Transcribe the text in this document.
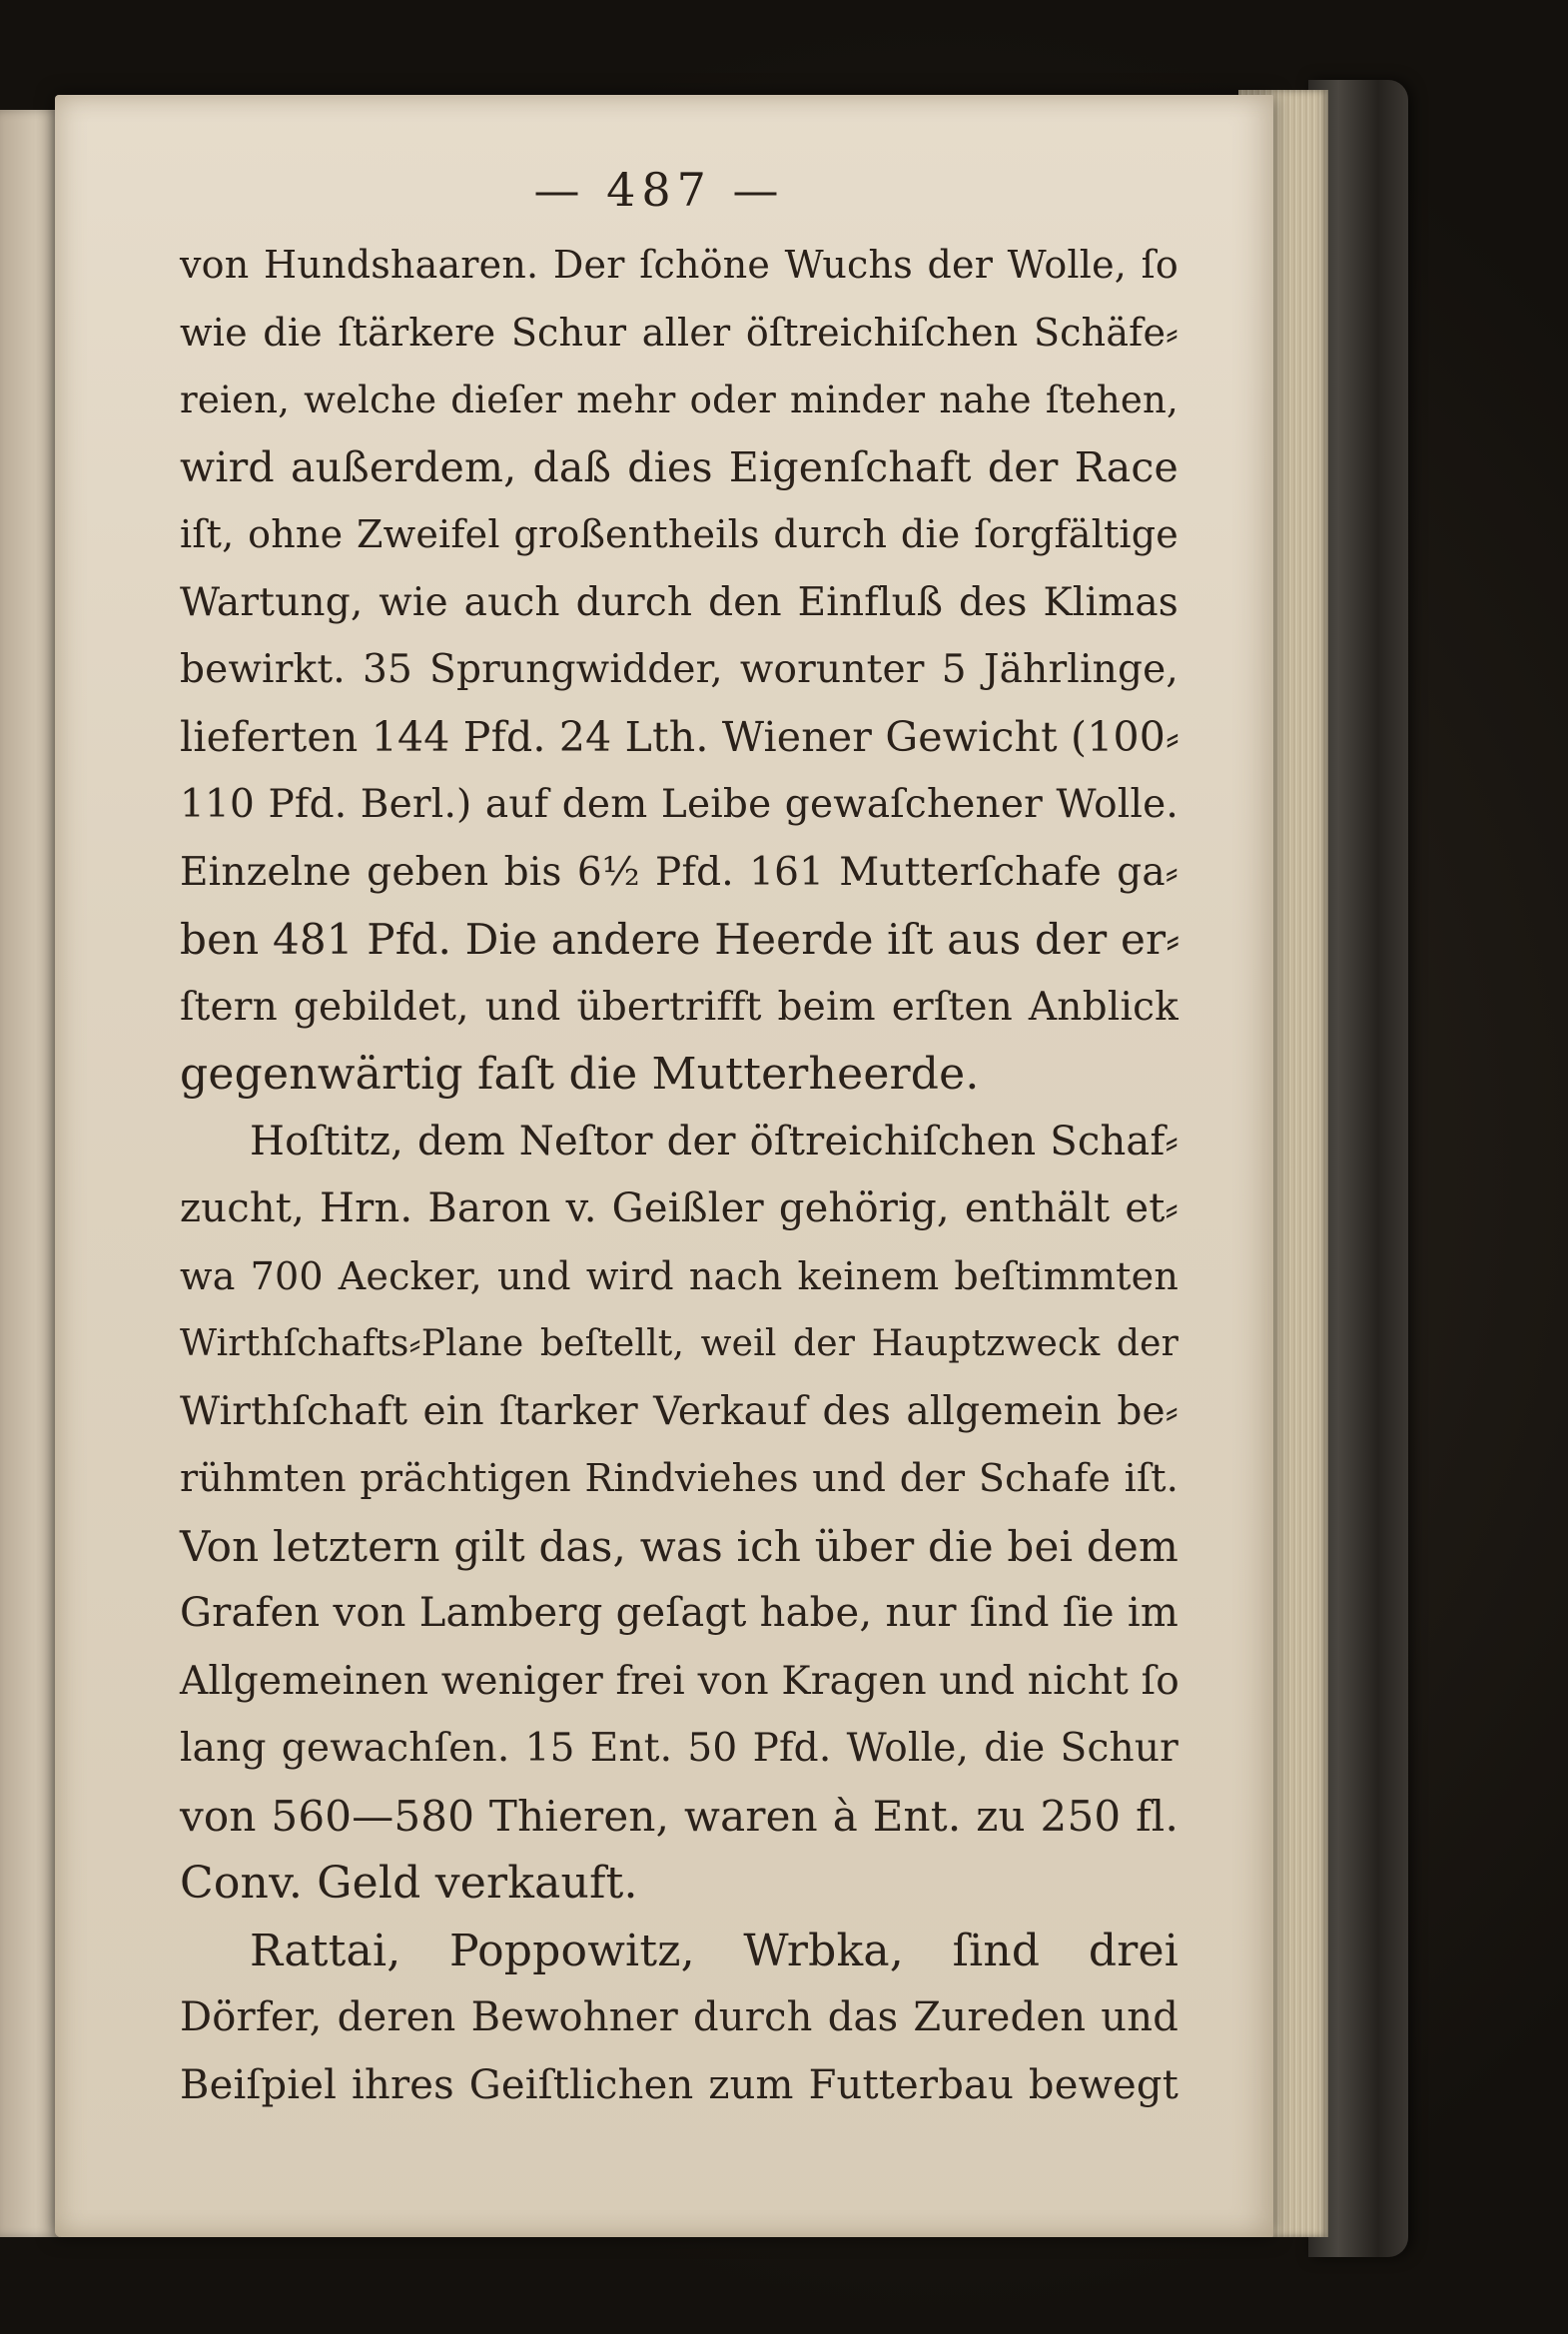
— 487 —
von Hundshaaren. Der ſchöne Wuchs der Wolle, ſo
wie die ſtärkere Schur aller öſtreichiſchen Schäfe⸗
reien, welche dieſer mehr oder minder nahe ſtehen,
wird außerdem, daß dies Eigenſchaft der Race
iſt, ohne Zweifel großentheils durch die ſorgfältige
Wartung, wie auch durch den Einfluß des Klimas
bewirkt. 35 Sprungwidder, worunter 5 Jährlinge,
lieferten 144 Pfd. 24 Lth. Wiener Gewicht (100⸗
110 Pfd. Berl.) auf dem Leibe gewaſchener Wolle.
Einzelne geben bis 6½ Pfd. 161 Mutterſchafe ga⸗
ben 481 Pfd. Die andere Heerde iſt aus der er⸗
ſtern gebildet, und übertrifft beim erſten Anblick
gegenwärtig faſt die Mutterheerde.
Hoſtitz, dem Neſtor der öſtreichiſchen Schaf⸗
zucht, Hrn. Baron v. Geißler gehörig, enthält et⸗
wa 700 Aecker, und wird nach keinem beſtimmten
Wirthſchafts⸗Plane beſtellt, weil der Hauptzweck der
Wirthſchaft ein ſtarker Verkauf des allgemein be⸗
rühmten prächtigen Rindviehes und der Schafe iſt.
Von letztern gilt das, was ich über die bei dem
Grafen von Lamberg geſagt habe, nur ſind ſie im
Allgemeinen weniger frei von Kragen und nicht ſo
lang gewachſen. 15 Ent. 50 Pfd. Wolle, die Schur
von 560—580 Thieren, waren à Ent. zu 250 fl.
Conv. Geld verkauft.
Rattai, Poppowitz, Wrbka, ſind drei
Dörfer, deren Bewohner durch das Zureden und
Beiſpiel ihres Geiſtlichen zum Futterbau bewegt
